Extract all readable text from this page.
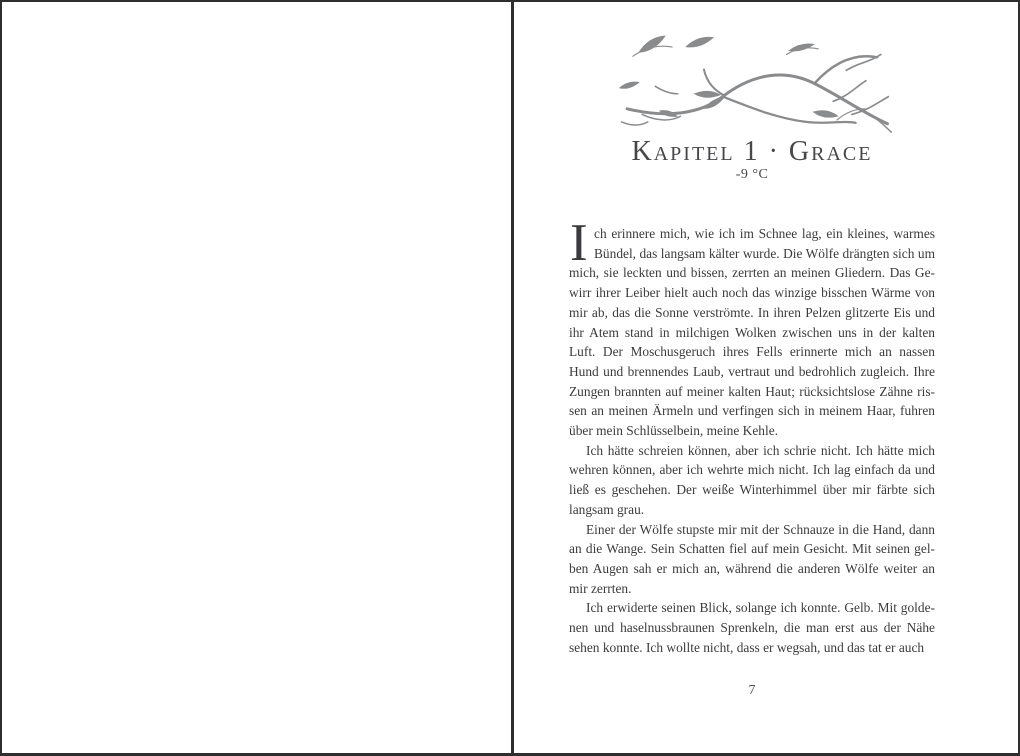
Kapitel 1 · Grace
-9 °C
I ch erinnere mich, wie ich im Schnee lag, ein kleines, warmes
Bündel, das langsam kälter wurde. Die Wölfe drängten sich um
mich, sie leckten und bissen, zerrten an meinen Gliedern. Das Ge-
wirr ihrer Leiber hielt auch noch das winzige bisschen Wärme von
mir ab, das die Sonne verströmte. In ihren Pelzen glitzerte Eis und
ihr Atem stand in milchigen Wolken zwischen uns in der kalten
Luft. Der Moschusgeruch ihres Fells erinnerte mich an nassen
Hund und brennendes Laub, vertraut und bedrohlich zugleich. Ihre
Zungen brannten auf meiner kalten Haut; rücksichtslose Zähne ris-
sen an meinen Ärmeln und verfingen sich in meinem Haar, fuhren
über mein Schlüsselbein, meine Kehle.
Ich hätte schreien können, aber ich schrie nicht. Ich hätte mich
wehren können, aber ich wehrte mich nicht. Ich lag einfach da und
ließ es geschehen. Der weiße Winterhimmel über mir färbte sich
langsam grau.
Einer der Wölfe stupste mir mit der Schnauze in die Hand, dann
an die Wange. Sein Schatten fiel auf mein Gesicht. Mit seinen gel-
ben Augen sah er mich an, während die anderen Wölfe weiter an
mir zerrten.
Ich erwiderte seinen Blick, solange ich konnte. Gelb. Mit golde-
nen und haselnussbraunen Sprenkeln, die man erst aus der Nähe
sehen konnte. Ich wollte nicht, dass er wegsah, und das tat er auch
7
